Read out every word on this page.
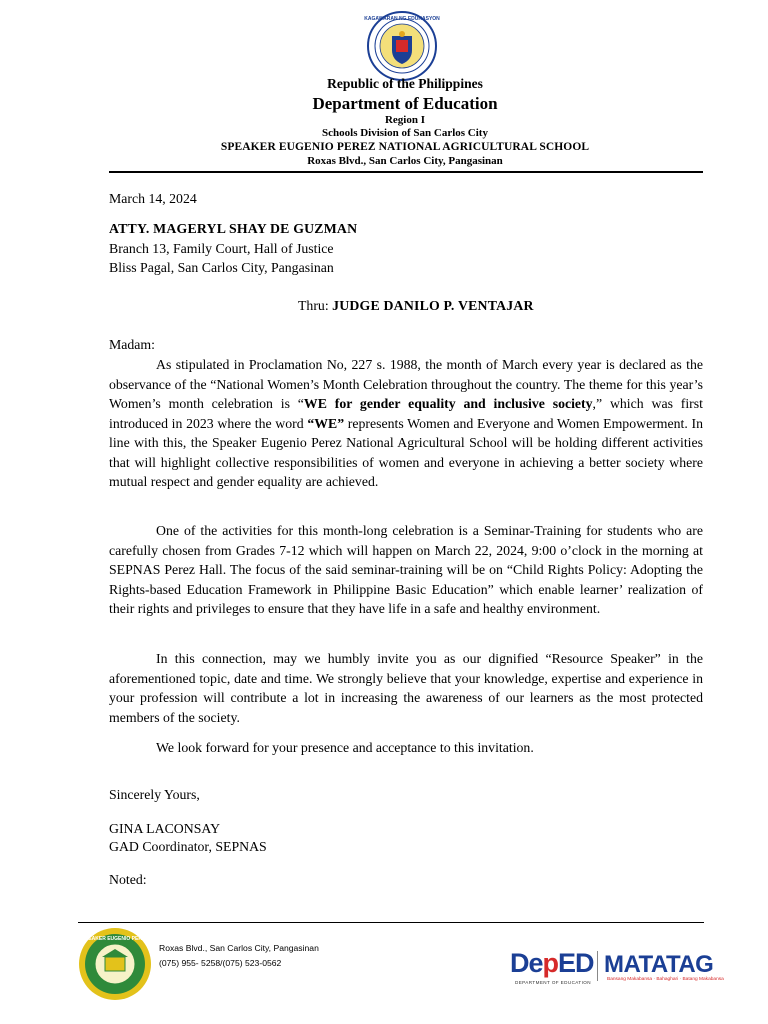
KAGAWARAN NG EDUKASYON
Republic of the Philippines
Department of Education
Region I
Schools Division of San Carlos City
SPEAKER EUGENIO PEREZ NATIONAL AGRICULTURAL SCHOOL
Roxas Blvd., San Carlos City, Pangasinan
March 14, 2024
ATTY. MAGERYL SHAY DE GUZMAN
Branch 13, Family Court, Hall of Justice
Bliss Pagal, San Carlos City, Pangasinan
Thru: JUDGE DANILO P. VENTAJAR
Madam:
As stipulated in Proclamation No, 227 s. 1988, the month of March every year is declared as the observance of the “National Women’s Month Celebration throughout the country. The theme for this year’s Women’s month celebration is “WE for gender equality and inclusive society,” which was first introduced in 2023 where the word “WE” represents Women and Everyone and Women Empowerment. In line with this, the Speaker Eugenio Perez National Agricultural School will be holding different activities that will highlight collective responsibilities of women and everyone in achieving a better society where mutual respect and gender equality are achieved.
One of the activities for this month-long celebration is a Seminar-Training for students who are carefully chosen from Grades 7-12 which will happen on March 22, 2024, 9:00 o’clock in the morning at SEPNAS Perez Hall. The focus of the said seminar-training will be on “Child Rights Policy: Adopting the Rights-based Education Framework in Philippine Basic Education” which enable learner’ realization of their rights and privileges to ensure that they have life in a safe and healthy environment.
In this connection, may we humbly invite you as our dignified “Resource Speaker” in the aforementioned topic, date and time. We strongly believe that your knowledge, expertise and experience in your profession will contribute a lot in increasing the awareness of our learners as the most protected members of the society.
We look forward for your presence and acceptance to this invitation.
Sincerely Yours,
GINA LACONSAY
GAD Coordinator, SEPNAS
Noted:
SPEAKER EUGENIO PEREZ
Roxas Blvd., San Carlos City, Pangasinan
(075) 955- 5258/(075) 523-0562	DepED
DEPARTMENT OF EDUCATION
MATATAG
Bansang Makabansa · Bahaghari · Batang Makabansa
